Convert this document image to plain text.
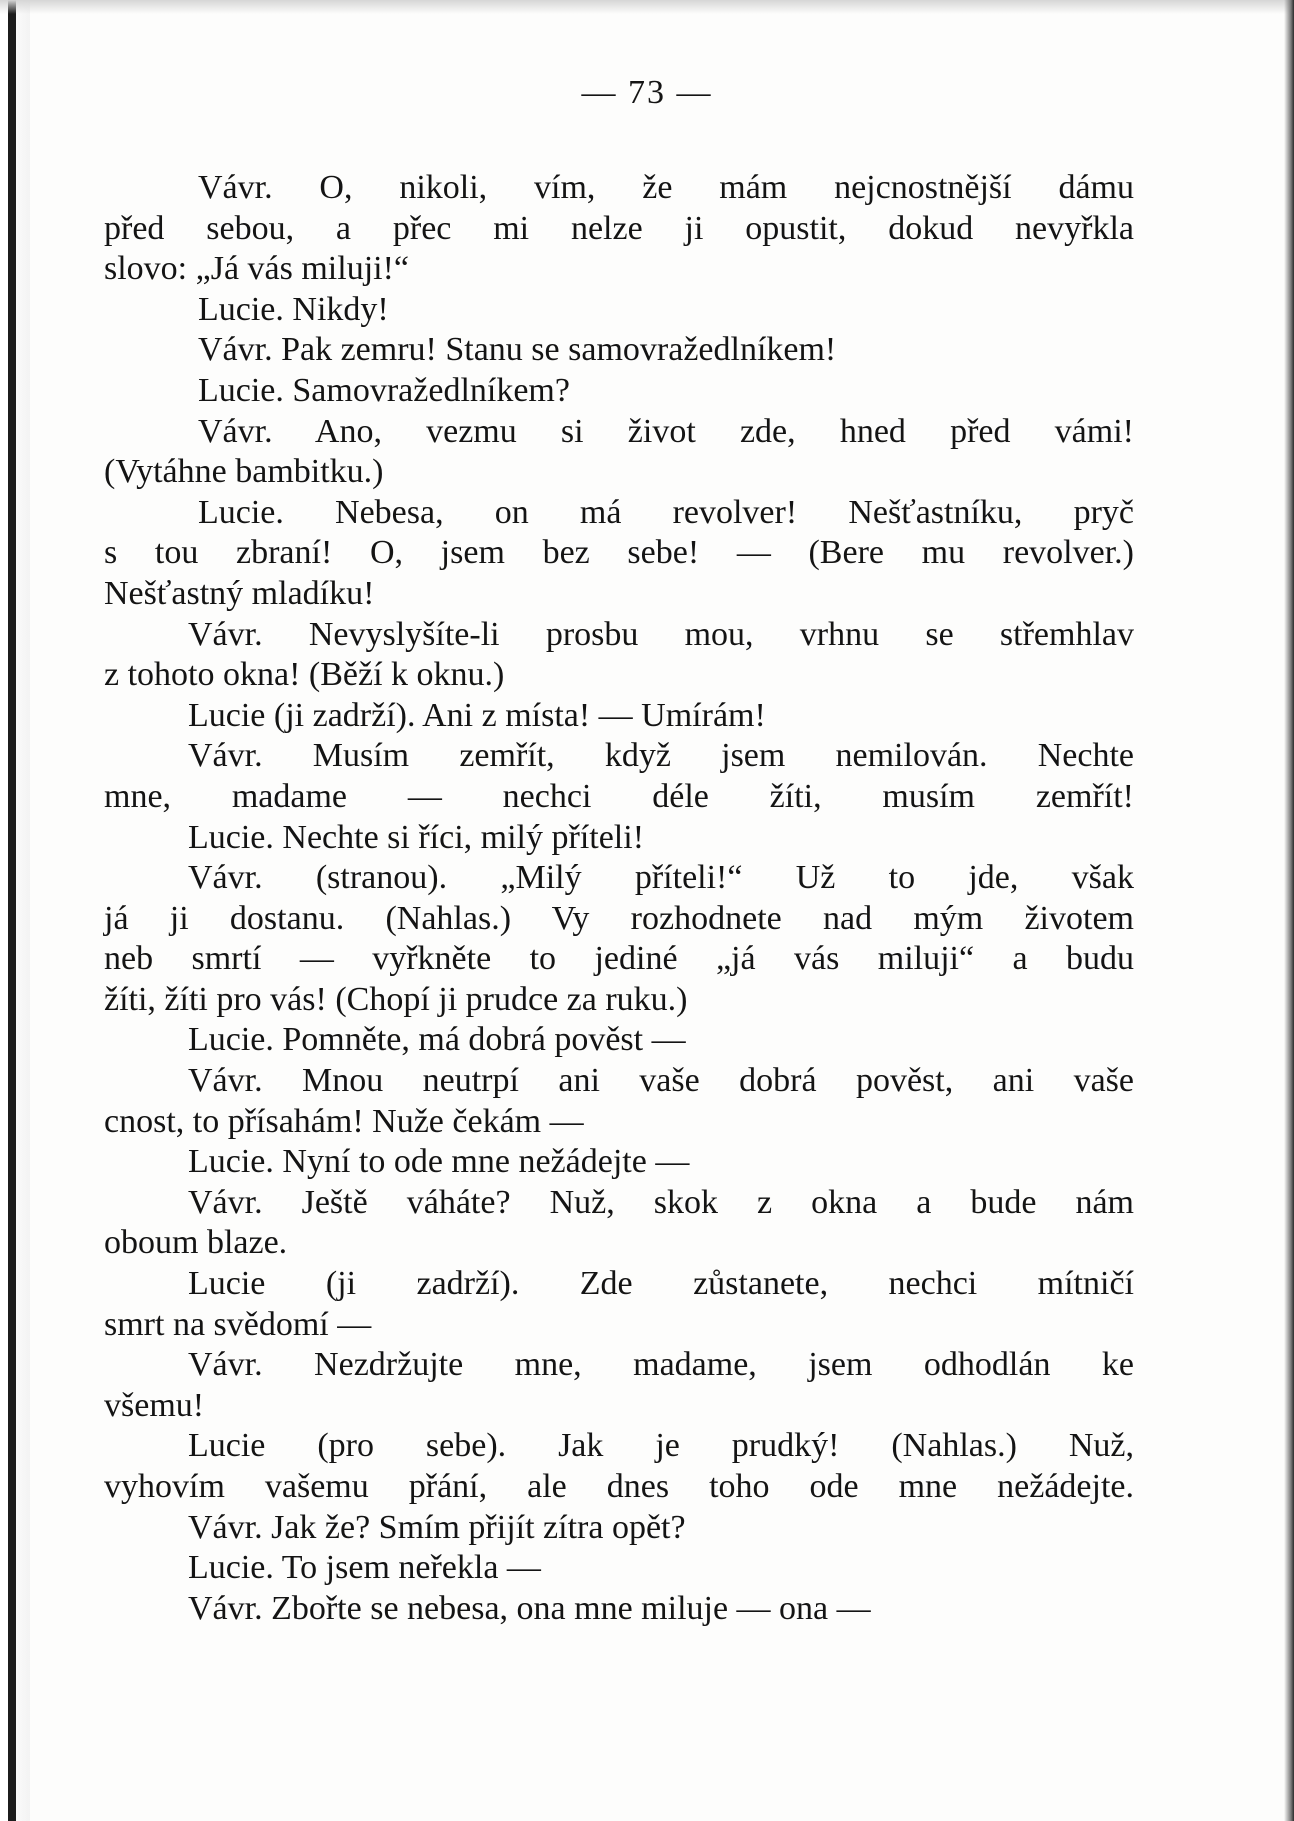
— 73 —

Vávr. O, nikoli, vím, že mám nejcnostnější dámu
před sebou, a přec mi nelze ji opustit, dokud nevyřkla
slovo: „Já vás miluji!“
Lucie. Nikdy!
Vávr. Pak zemru! Stanu se samovražedlníkem!
Lucie. Samovražedlníkem?
Vávr. Ano, vezmu si život zde, hned před vámi!
(Vytáhne bambitku.)
Lucie. Nebesa, on má revolver! Nešťastníku, pryč
s tou zbraní! O, jsem bez sebe! — (Bere mu revolver.)
Nešťastný mladíku!
Vávr. Nevyslyšíte-li prosbu mou, vrhnu se střemhlav
z tohoto okna! (Běží k oknu.)
Lucie (ji zadrží). Ani z místa! — Umírám!
Vávr. Musím zemřít, když jsem nemilován. Nechte
mne, madame — nechci déle žíti, musím zemřít!
Lucie. Nechte si říci, milý příteli!
Vávr. (stranou). „Milý příteli!“ Už to jde, však
já ji dostanu. (Nahlas.) Vy rozhodnete nad mým životem
neb smrtí — vyřkněte to jediné „já vás miluji“ a budu
žíti, žíti pro vás! (Chopí ji prudce za ruku.)
Lucie. Pomněte, má dobrá pověst —
Vávr. Mnou neutrpí ani vaše dobrá pověst, ani vaše
cnost, to přísahám! Nuže čekám —
Lucie. Nyní to ode mne nežádejte —
Vávr. Ještě váháte? Nuž, skok z okna a bude nám
oboum blaze.
Lucie (ji zadrží). Zde zůstanete, nechci mítničí
smrt na svědomí —
Vávr. Nezdržujte mne, madame, jsem odhodlán ke
všemu!
Lucie (pro sebe). Jak je prudký! (Nahlas.) Nuž,
vyhovím vašemu přání, ale dnes toho ode mne nežádejte.
Vávr. Jak že? Smím přijít zítra opět?
Lucie. To jsem neřekla —
Vávr. Zbořte se nebesa, ona mne miluje — ona —
